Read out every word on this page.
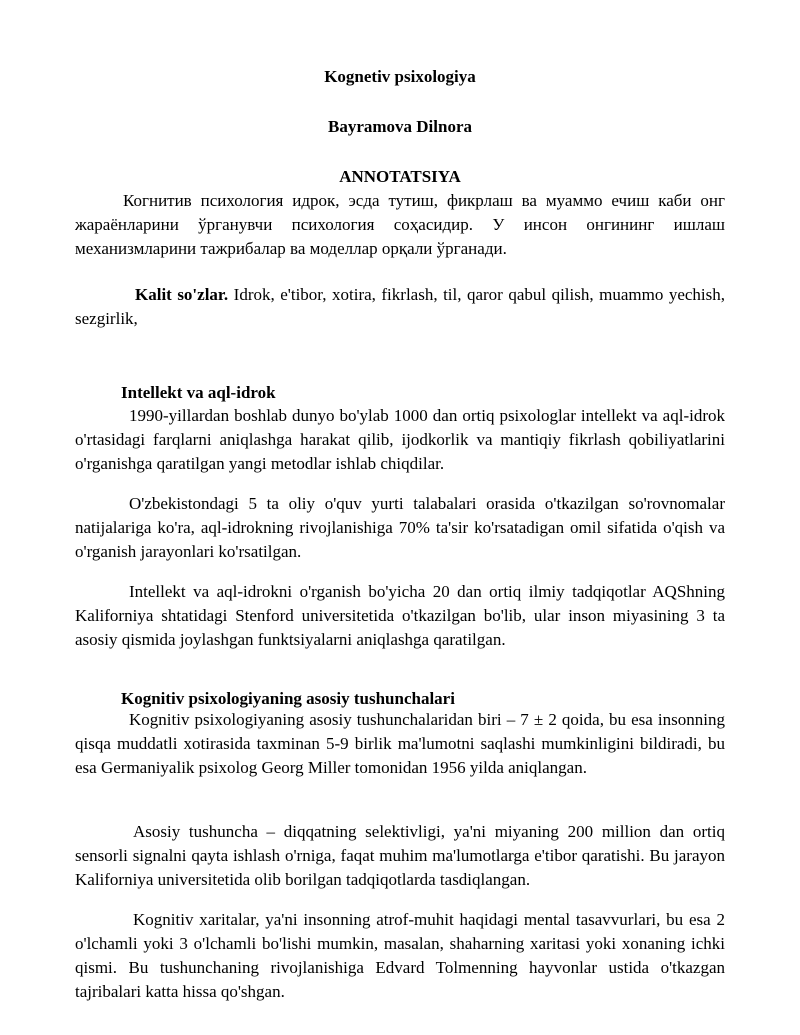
Kognetiv psixologiya
Bayramova Dilnora
ANNOTATSIYA

Когнитив психология идрок, эсда тутиш, фикрлаш ва муаммо ечиш каби онг жараёнларини ўрганувчи психология соҳасидир. У инсон онгининг ишлаш механизмларини тажрибалар ва моделлар орқали ўрганади.

Kalit so'zlar. Idrok, e'tibor, xotira, fikrlash, til, qaror qabul qilish, muammo yechish, sezgirlik,

Intellekt va aql-idrok

1990-yillardan boshlab dunyo bo'ylab 1000 dan ortiq psixologlar intellekt va aql-idrok o'rtasidagi farqlarni aniqlashga harakat qilib, ijodkorlik va mantiqiy fikrlash qobiliyatlarini o'rganishga qaratilgan yangi metodlar ishlab chiqdilar.

O'zbekistondagi 5 ta oliy o'quv yurti talabalari orasida o'tkazilgan so'rovnomalar natijalariga ko'ra, aql-idrokning rivojlanishiga 70% ta'sir ko'rsatadigan omil sifatida o'qish va o'rganish jarayonlari ko'rsatilgan.

Intellekt va aql-idrokni o'rganish bo'yicha 20 dan ortiq ilmiy tadqiqotlar AQShning Kaliforniya shtatidagi Stenford universitetida o'tkazilgan bo'lib, ular inson miyasining 3 ta asosiy qismida joylashgan funktsiyalarni aniqlashga qaratilgan.

Kognitiv psixologiyaning asosiy tushunchalari

Kognitiv psixologiyaning asosiy tushunchalaridan biri – 7 ± 2 qoida, bu esa insonning qisqa muddatli xotirasida taxminan 5-9 birlik ma'lumotni saqlashi mumkinligini bildiradi, bu esa Germaniyalik psixolog Georg Miller tomonidan 1956 yilda aniqlangan.

Asosiy tushuncha – diqqatning selektivligi, ya'ni miyaning 200 million dan ortiq sensorli signalni qayta ishlash o'rniga, faqat muhim ma'lumotlarga e'tibor qaratishi. Bu jarayon Kaliforniya universitetida olib borilgan tadqiqotlarda tasdiqlangan.

Kognitiv xaritalar, ya'ni insonning atrof-muhit haqidagi mental tasavvurlari, bu esa 2 o'lchamli yoki 3 o'lchamli bo'lishi mumkin, masalan, shaharning xaritasi yoki xonaning ichki qismi. Bu tushunchaning rivojlanishiga Edvard Tolmenning hayvonlar ustida o'tkazgan tajribalari katta hissa qo'shgan.
